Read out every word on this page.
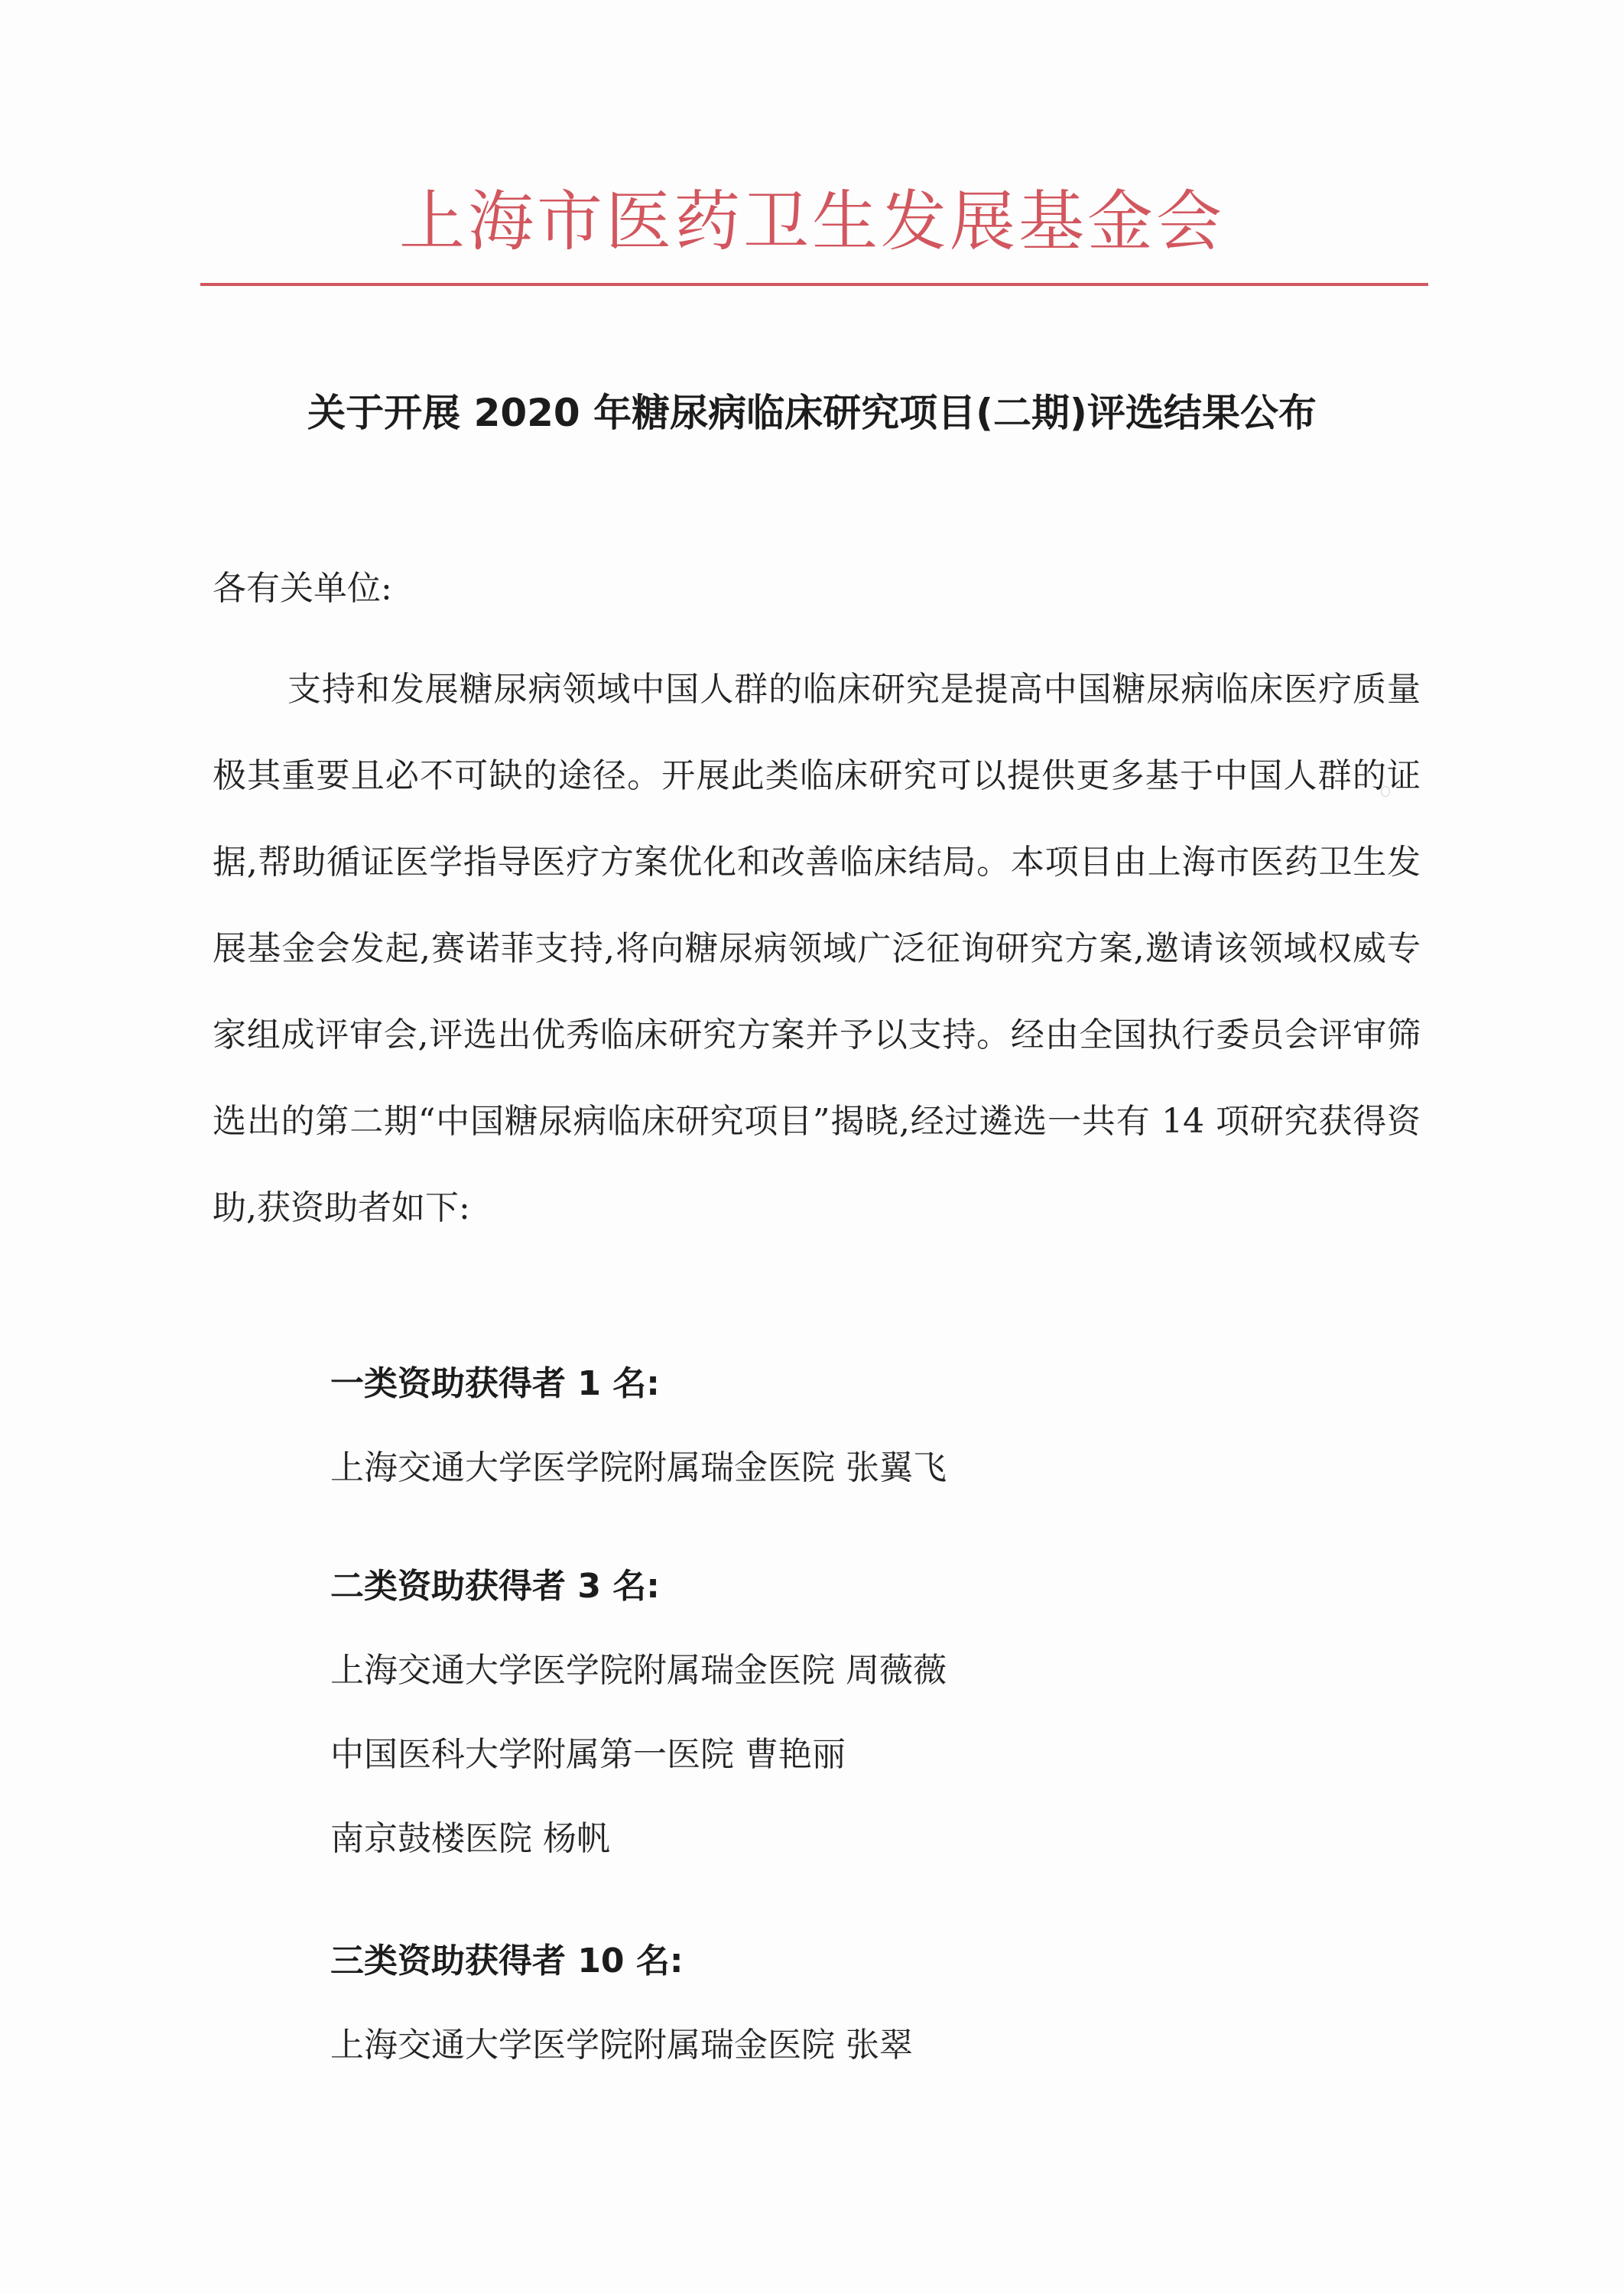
上海市医药卫生发展基金会
关于开展 2020 年糖尿病临床研究项目(二期)评选结果公布
各有关单位:
支持和发展糖尿病领域中国人群的临床研究是提高中国糖尿病临床医疗质量极其重要且必不可缺的途径。开展此类临床研究可以提供更多基于中国人群的证据,帮助循证医学指导医疗方案优化和改善临床结局。本项目由上海市医药卫生发展基金会发起,赛诺菲支持,将向糖尿病领域广泛征询研究方案,邀请该领域权威专家组成评审会,评选出优秀临床研究方案并予以支持。经由全国执行委员会评审筛选出的第二期“中国糖尿病临床研究项目”揭晓,经过遴选一共有 14 项研究获得资助,获资助者如下:
一类资助获得者 1 名:
上海交通大学医学院附属瑞金医院 张翼飞
二类资助获得者 3 名:
上海交通大学医学院附属瑞金医院 周薇薇
中国医科大学附属第一医院 曹艳丽
南京鼓楼医院 杨帆
三类资助获得者 10 名:
上海交通大学医学院附属瑞金医院 张翠
